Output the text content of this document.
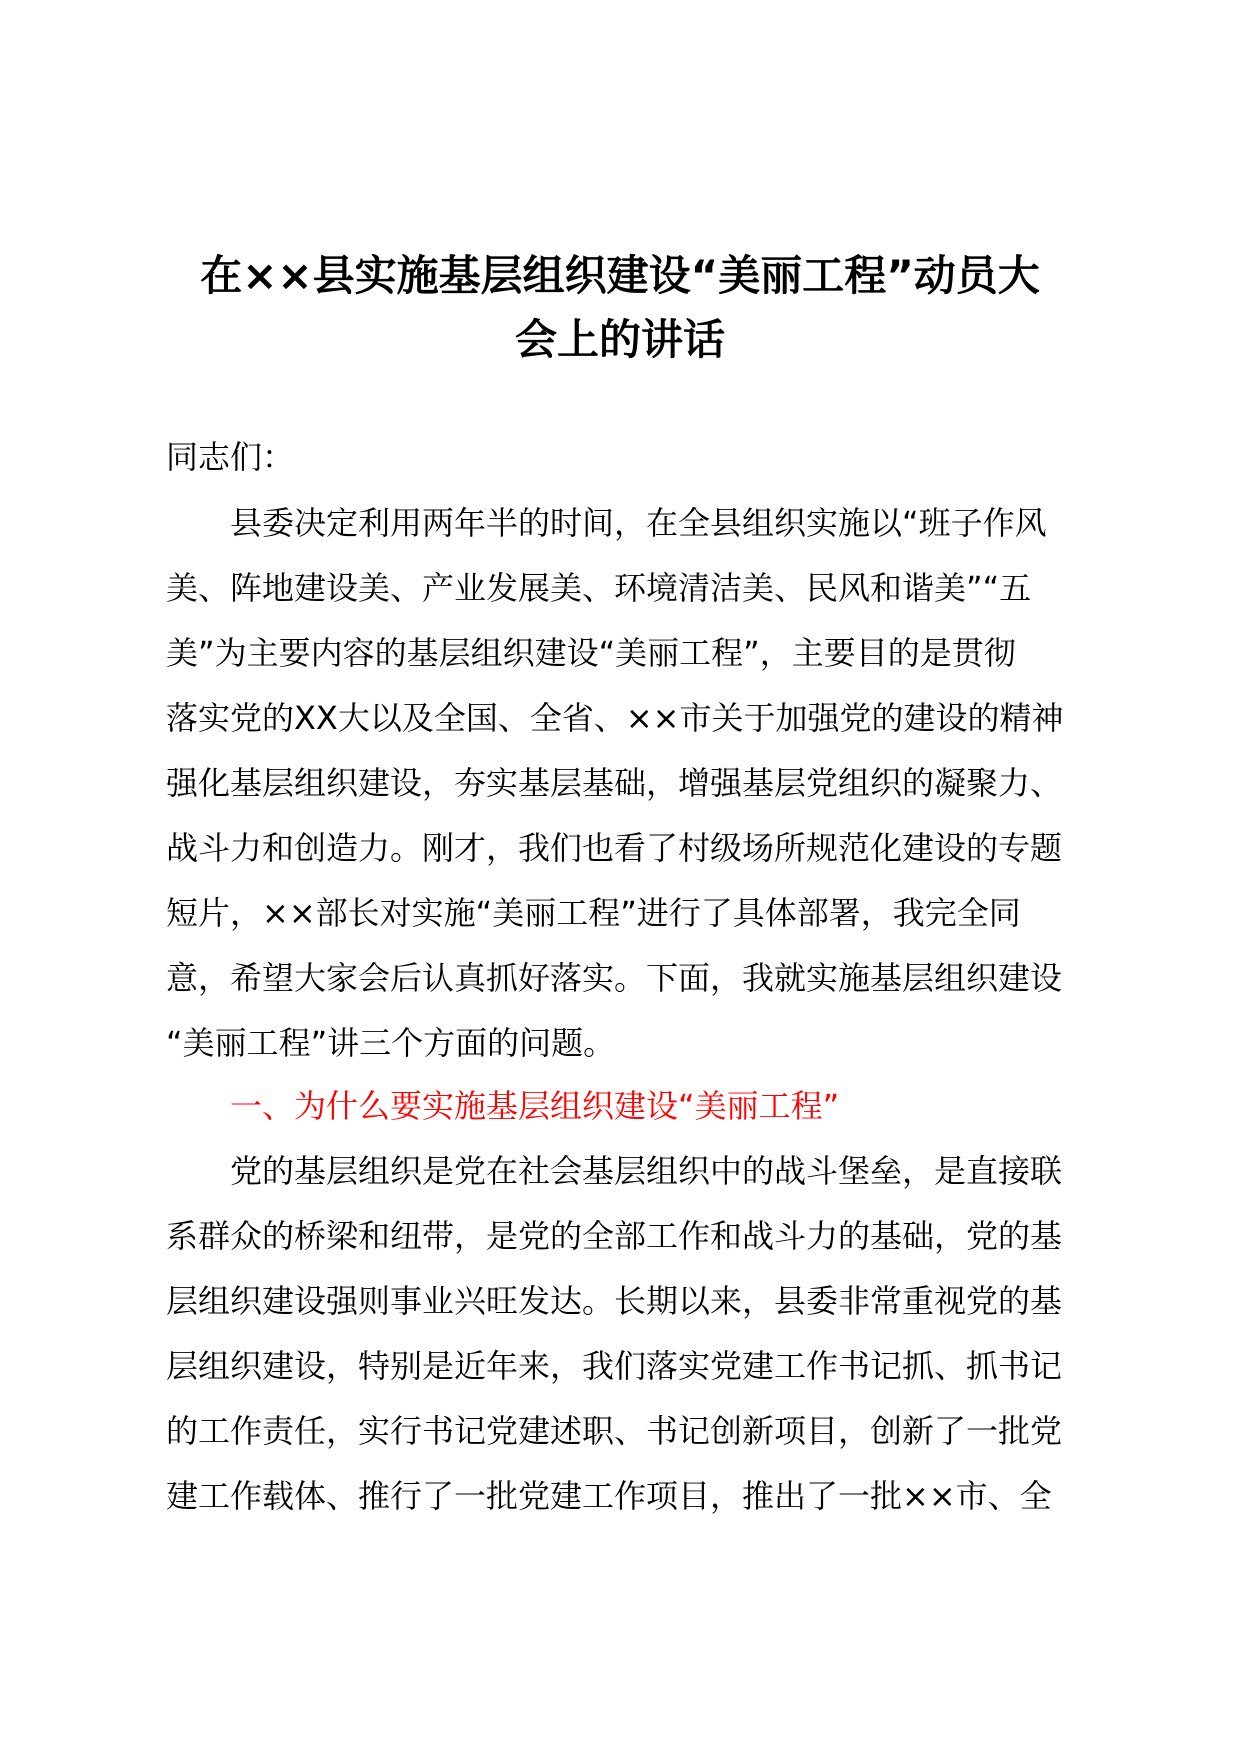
在××县实施基层组织建设“美丽工程”动员大
会上的讲话
同志们：
县委决定利用两年半的时间，在全县组织实施以“班子作风
美、阵地建设美、产业发展美、环境清洁美、民风和谐美”“五
美”为主要内容的基层组织建设“美丽工程”，主要目的是贯彻
落实党的XX大以及全国、全省、××市关于加强党的建设的精神
强化基层组织建设，夯实基层基础，增强基层党组织的凝聚力、
战斗力和创造力。刚才，我们也看了村级场所规范化建设的专题
短片，××部长对实施“美丽工程”进行了具体部署，我完全同
意，希望大家会后认真抓好落实。下面，我就实施基层组织建设
“美丽工程”讲三个方面的问题。
一、为什么要实施基层组织建设“美丽工程”
党的基层组织是党在社会基层组织中的战斗堡垒，是直接联
系群众的桥梁和纽带，是党的全部工作和战斗力的基础，党的基
层组织建设强则事业兴旺发达。长期以来，县委非常重视党的基
层组织建设，特别是近年来，我们落实党建工作书记抓、抓书记
的工作责任，实行书记党建述职、书记创新项目，创新了一批党
建工作载体、推行了一批党建工作项目，推出了一批××市、全
